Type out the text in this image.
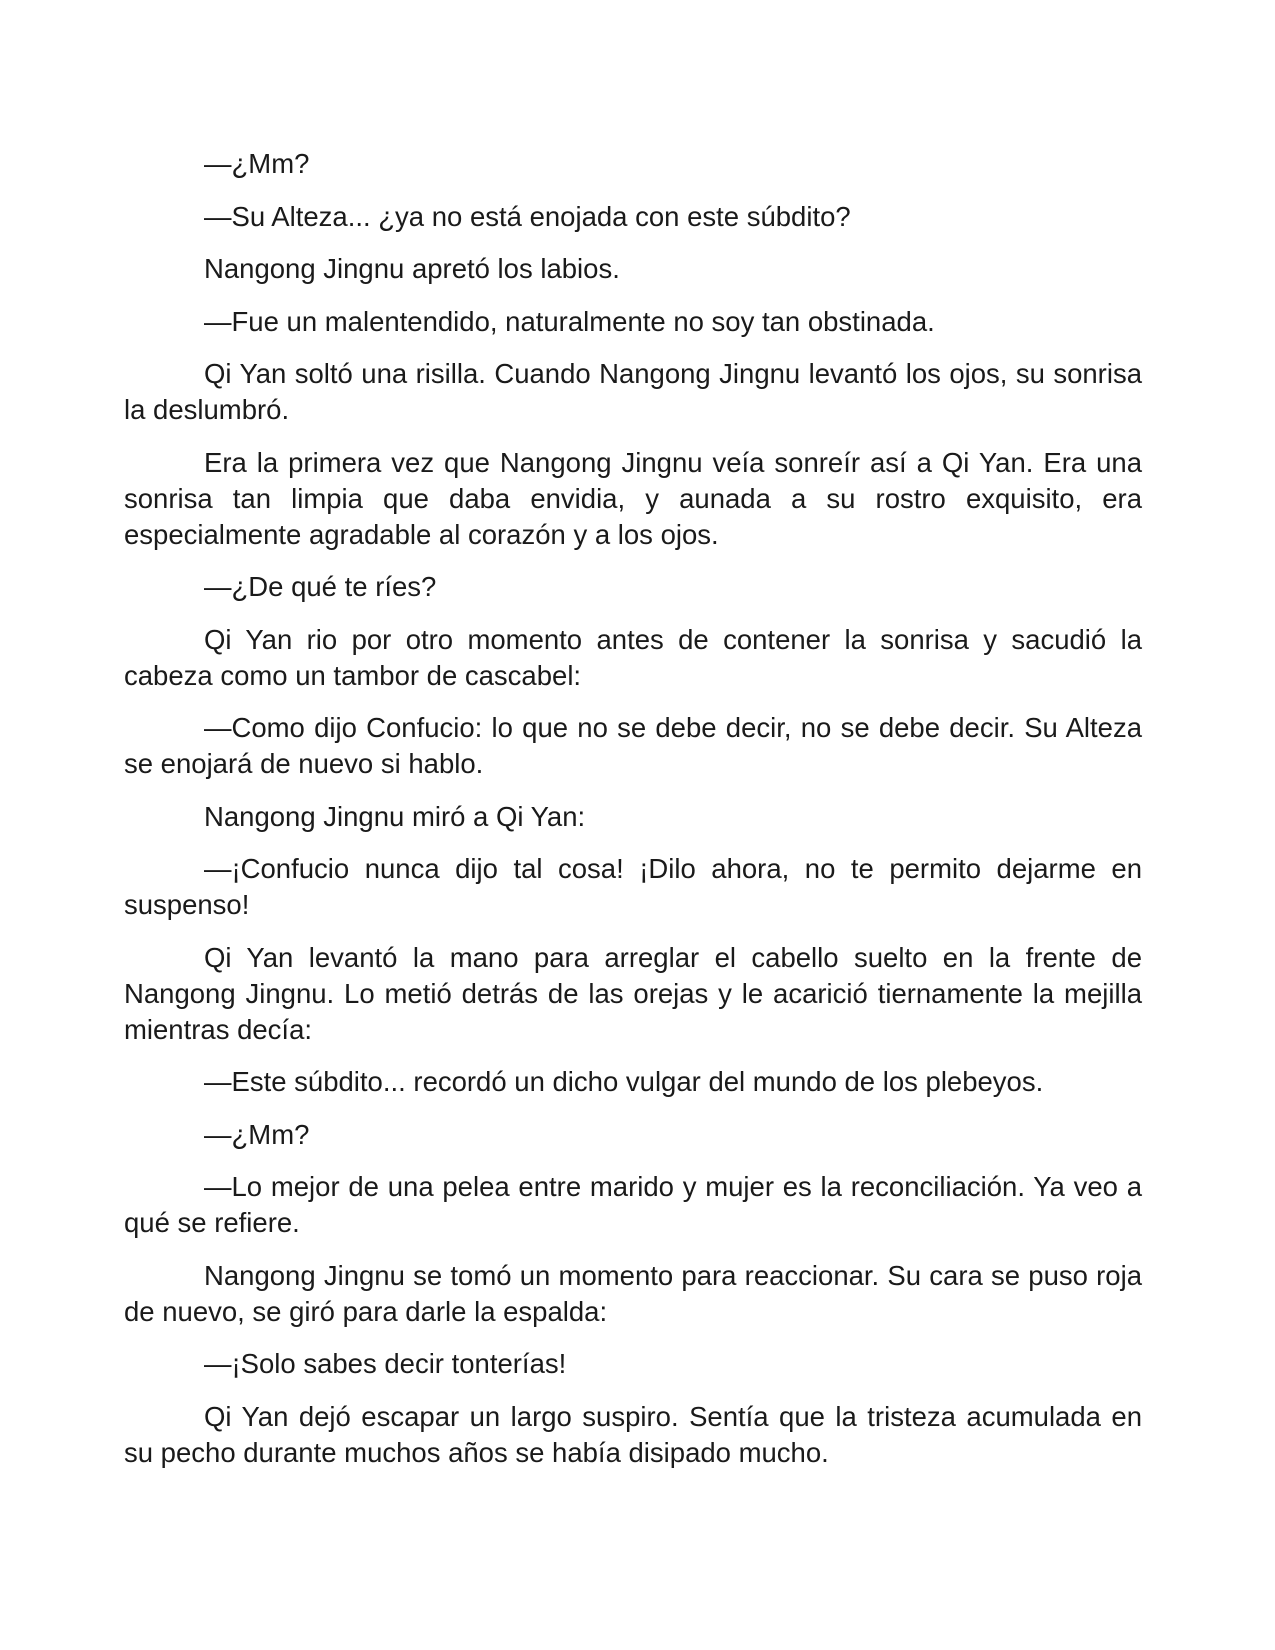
—¿Mm?

—Su Alteza... ¿ya no está enojada con este súbdito?

Nangong Jingnu apretó los labios.

—Fue un malentendido, naturalmente no soy tan obstinada.

Qi Yan soltó una risilla. Cuando Nangong Jingnu levantó los ojos, su sonrisa la deslumbró.

Era la primera vez que Nangong Jingnu veía sonreír así a Qi Yan. Era una sonrisa tan limpia que daba envidia, y aunada a su rostro exquisito, era especialmente agradable al corazón y a los ojos.

—¿De qué te ríes?

Qi Yan rio por otro momento antes de contener la sonrisa y sacudió la cabeza como un tambor de cascabel:

—Como dijo Confucio: lo que no se debe decir, no se debe decir. Su Alteza se enojará de nuevo si hablo.

Nangong Jingnu miró a Qi Yan:

—¡Confucio nunca dijo tal cosa! ¡Dilo ahora, no te permito dejarme en suspenso!

Qi Yan levantó la mano para arreglar el cabello suelto en la frente de Nangong Jingnu. Lo metió detrás de las orejas y le acarició tiernamente la mejilla mientras decía:

—Este súbdito... recordó un dicho vulgar del mundo de los plebeyos.

—¿Mm?

—Lo mejor de una pelea entre marido y mujer es la reconciliación. Ya veo a qué se refiere.

Nangong Jingnu se tomó un momento para reaccionar. Su cara se puso roja de nuevo, se giró para darle la espalda:

—¡Solo sabes decir tonterías!

Qi Yan dejó escapar un largo suspiro. Sentía que la tristeza acumulada en su pecho durante muchos años se había disipado mucho.
